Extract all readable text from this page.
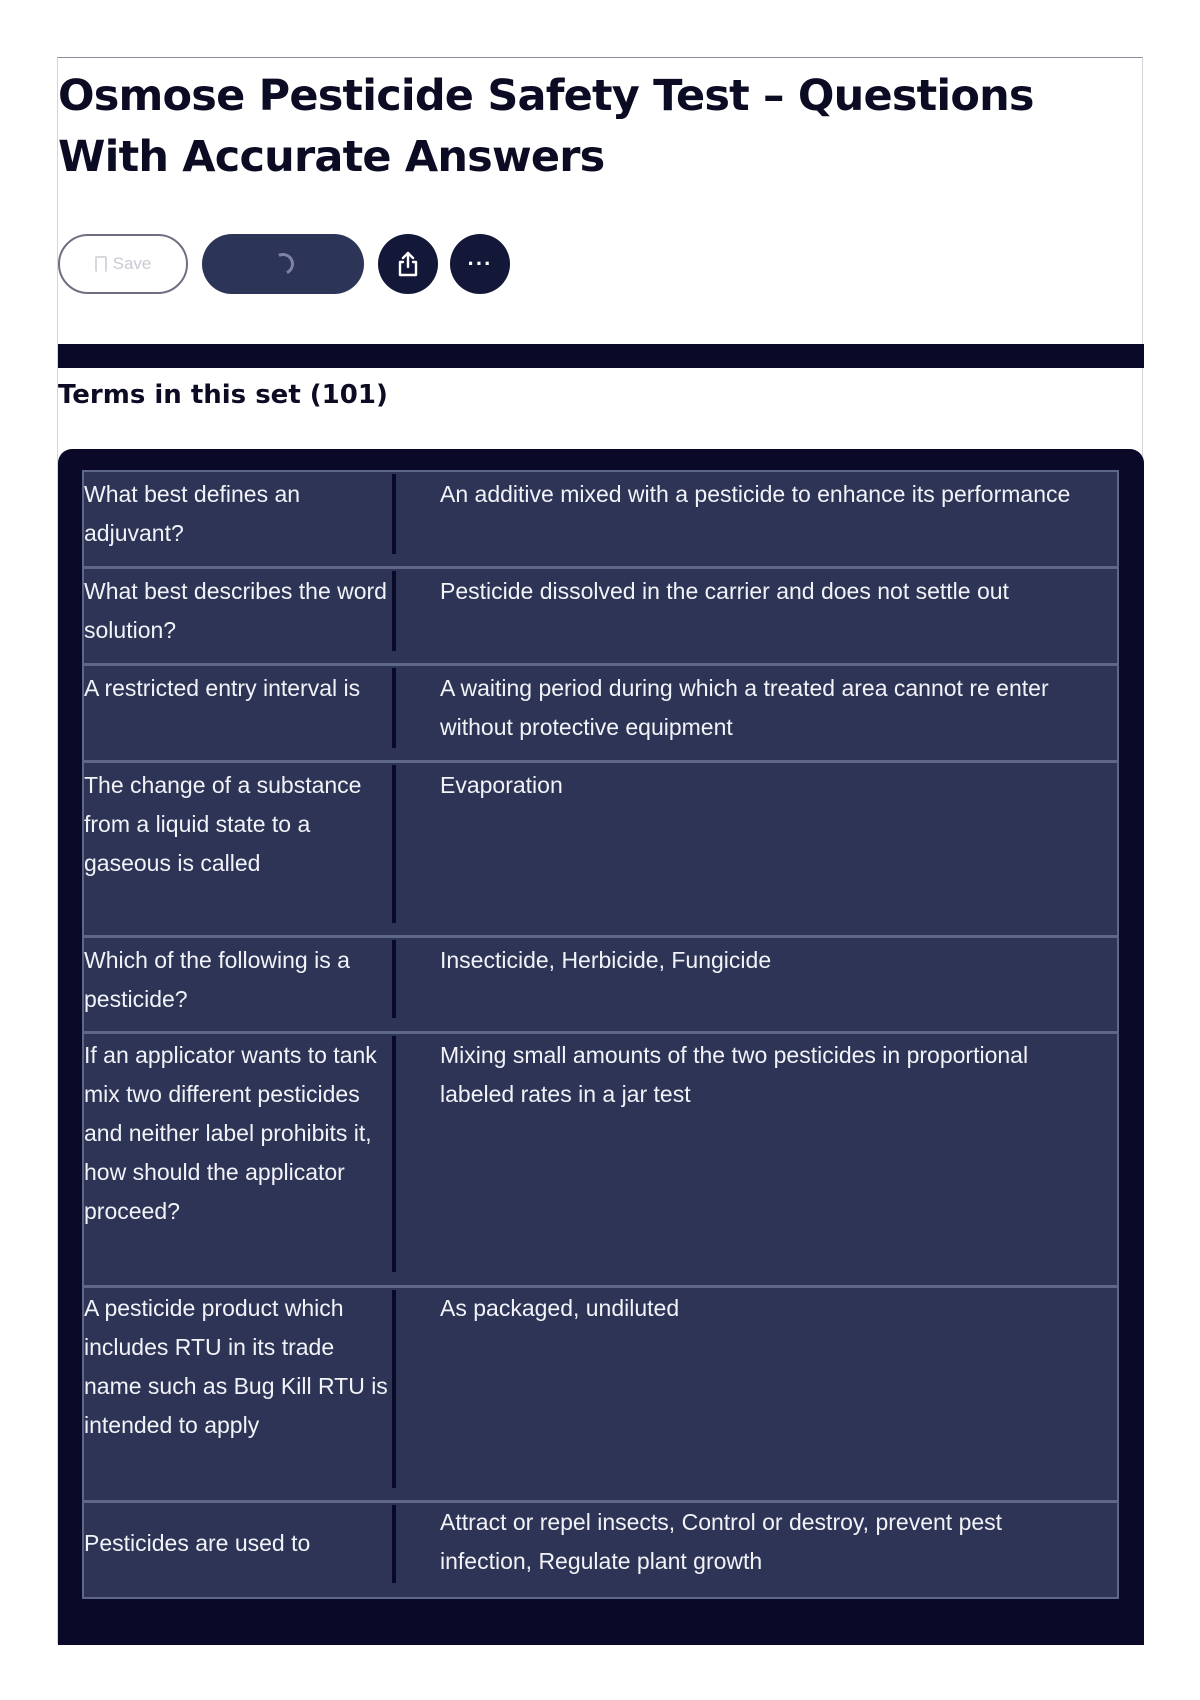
Osmose Pesticide Safety Test – Questions With Accurate Answers
Save	···
Terms in this set (101)
What best defines an adjuvant?
An additive mixed with a pesticide to enhance its performance
What best describes the word solution?
Pesticide dissolved in the carrier and does not settle out
A restricted entry interval is	A waiting period during which a treated area cannot re enter without protective equipment
The change of a substance from a liquid state to a gaseous is called
Evaporation
Which of the following is a pesticide?
Insecticide, Herbicide, Fungicide
If an applicator wants to tank mix two different pesticides and neither label prohibits it, how should the applicator proceed?
Mixing small amounts of the two pesticides in proportional labeled rates in a jar test
A pesticide product which includes RTU in its trade name such as Bug Kill RTU is intended to apply
As packaged, undiluted
Pesticides are used to
Attract or repel insects, Control or destroy, prevent pest infection, Regulate plant growth
